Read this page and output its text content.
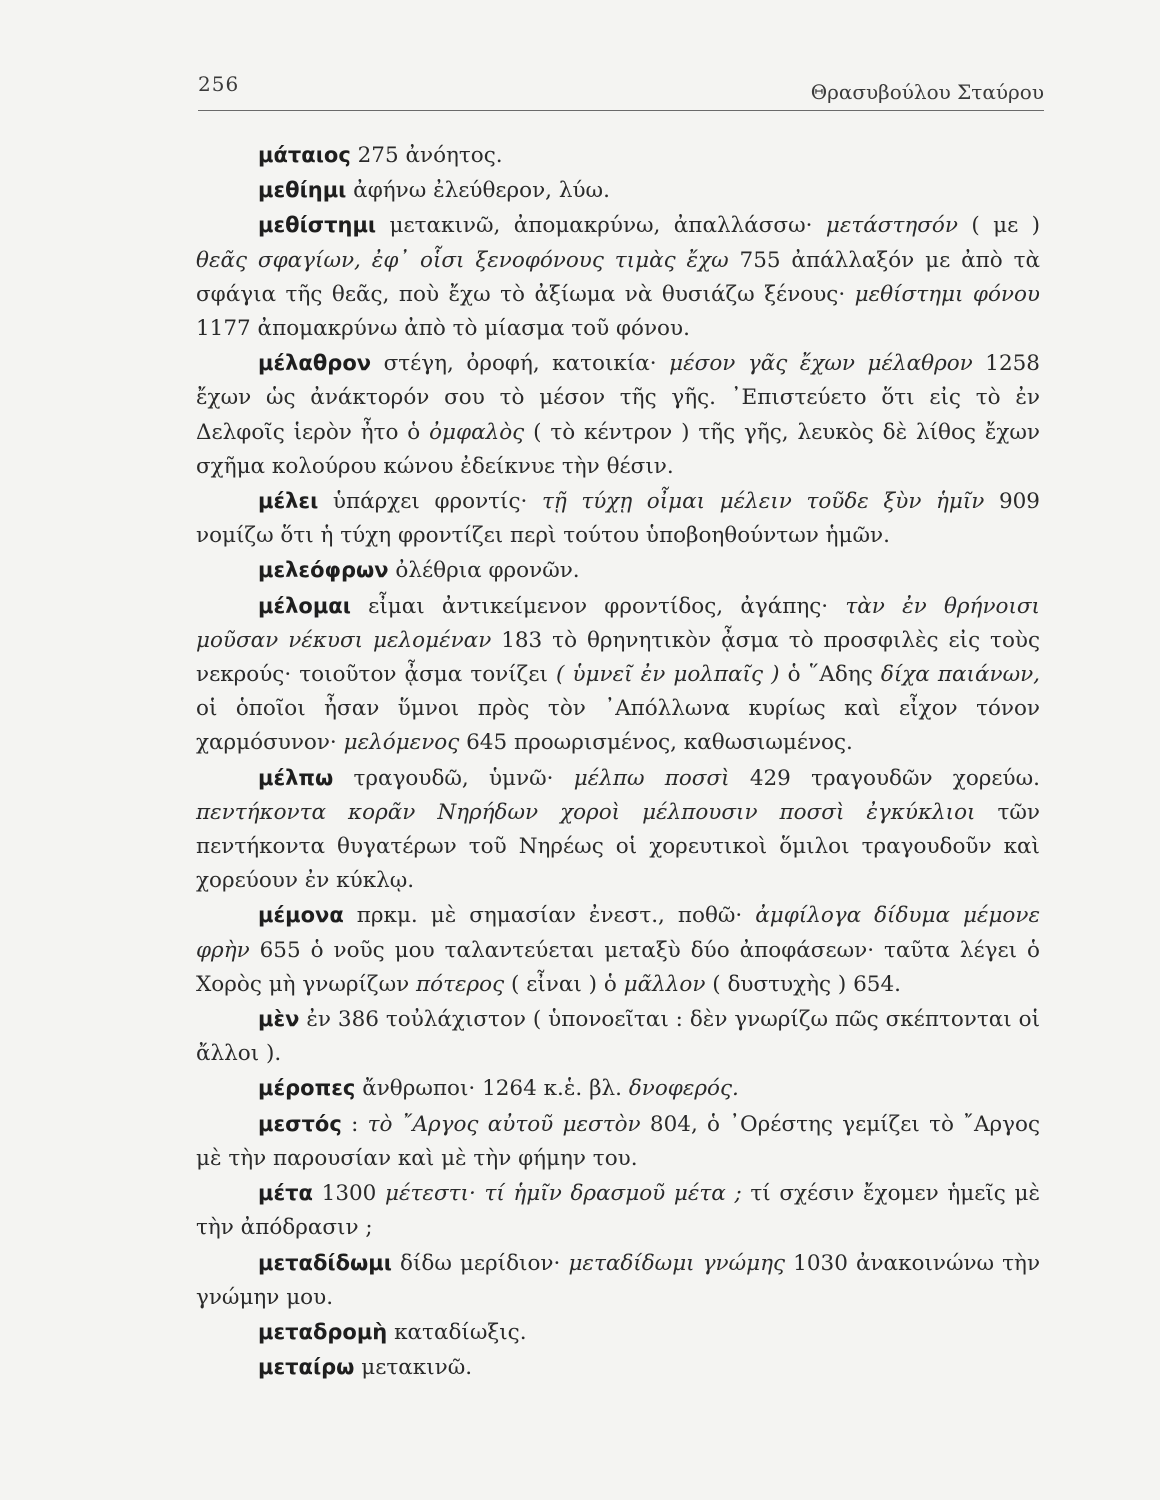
256	Θρασυβούλου Σταύρου

μάταιος 275 ἀνόητος.

μεθίημι ἀφήνω ἐλεύθερον, λύω.

μεθίστημι μετακινῶ, ἀπομακρύνω, ἀπαλλάσσω· μετάστησόν ( με ) θεᾶς σφαγίων, ἐφ᾽ οἷσι ξενοφόνους τιμὰς ἔχω 755 ἀπάλλαξόν με ἀπὸ τὰ σφάγια τῆς θεᾶς, ποὺ ἔχω τὸ ἀξίωμα νὰ θυσιάζω ξένους· μεθίστημι φόνου 1177 ἀπομακρύνω ἀπὸ τὸ μίασμα τοῦ φόνου.

μέλαθρον στέγη, ὀροφή, κατοικία· μέσον γᾶς ἔχων μέλαθρον 1258 ἔχων ὡς ἀνάκτορόν σου τὸ μέσον τῆς γῆς. ᾿Επιστεύετο ὅτι εἰς τὸ ἐν Δελφοῖς ἱερὸν ἦτο ὁ ὀμφαλὸς ( τὸ κέντρον ) τῆς γῆς, λευκὸς δὲ λίθος ἔχων σχῆμα κολούρου κώνου ἐδείκνυε τὴν θέσιν.

μέλει ὑπάρχει φροντίς· τῇ τύχῃ οἶμαι μέλειν τοῦδε ξὺν ἡμῖν 909 νομίζω ὅτι ἡ τύχη φροντίζει περὶ τούτου ὑποβοηθούντων ἡμῶν.

μελεόφρων ὀλέθρια φρονῶν.

μέλομαι εἶμαι ἀντικείμενον φροντίδος, ἀγάπης· τὰν ἐν θρήνοισι μοῦσαν νέκυσι μελομέναν 183 τὸ θρηνητικὸν ᾆσμα τὸ προσφιλὲς εἰς τοὺς νεκρούς· τοιοῦτον ᾆσμα τονίζει ( ὑμνεῖ ἐν μολπαῖς ) ὁ ῞Αδης δίχα παιάνων, οἱ ὁποῖοι ἦσαν ὕμνοι πρὸς τὸν ᾿Απόλλωνα κυρίως καὶ εἶχον τόνον χαρμόσυνον· μελόμενος 645 προωρισμένος, καθωσιωμένος.

μέλπω τραγουδῶ, ὑμνῶ· μέλπω ποσσὶ 429 τραγουδῶν χορεύω. πεντήκοντα κορᾶν Νηρήδων χοροὶ μέλπουσιν ποσσὶ ἐγκύκλιοι τῶν πεντήκοντα θυγατέρων τοῦ Νηρέως οἱ χορευτικοὶ ὅμιλοι τραγουδοῦν καὶ χορεύουν ἐν κύκλῳ.

μέμονα πρκμ. μὲ σημασίαν ἐνεστ., ποθῶ· ἀμφίλογα δίδυμα μέμονε φρὴν 655 ὁ νοῦς μου ταλαντεύεται μεταξὺ δύο ἀποφάσεων· ταῦτα λέγει ὁ Χορὸς μὴ γνωρίζων πότερος ( εἶναι ) ὁ μᾶλλον ( δυστυχὴς ) 654.

μὲν ἐν 386 τοὐλάχιστον ( ὑπονοεῖται : δὲν γνωρίζω πῶς σκέπτονται οἱ ἄλλοι ).

μέροπες ἄνθρωποι· 1264 κ.ἑ. βλ. δνοφερός.

μεστός : τὸ ῎Αργος αὐτοῦ μεστὸν 804, ὁ ᾿Ορέστης γεμίζει τὸ ῎Αργος μὲ τὴν παρουσίαν καὶ μὲ τὴν φήμην του.

μέτα 1300 μέτεστι· τί ἡμῖν δρασμοῦ μέτα ; τί σχέσιν ἔχομεν ἡμεῖς μὲ τὴν ἀπόδρασιν ;

μεταδίδωμι δίδω μερίδιον· μεταδίδωμι γνώμης 1030 ἀνακοινώνω τὴν γνώμην μου.

μεταδρομὴ καταδίωξις.

μεταίρω μετακινῶ.
